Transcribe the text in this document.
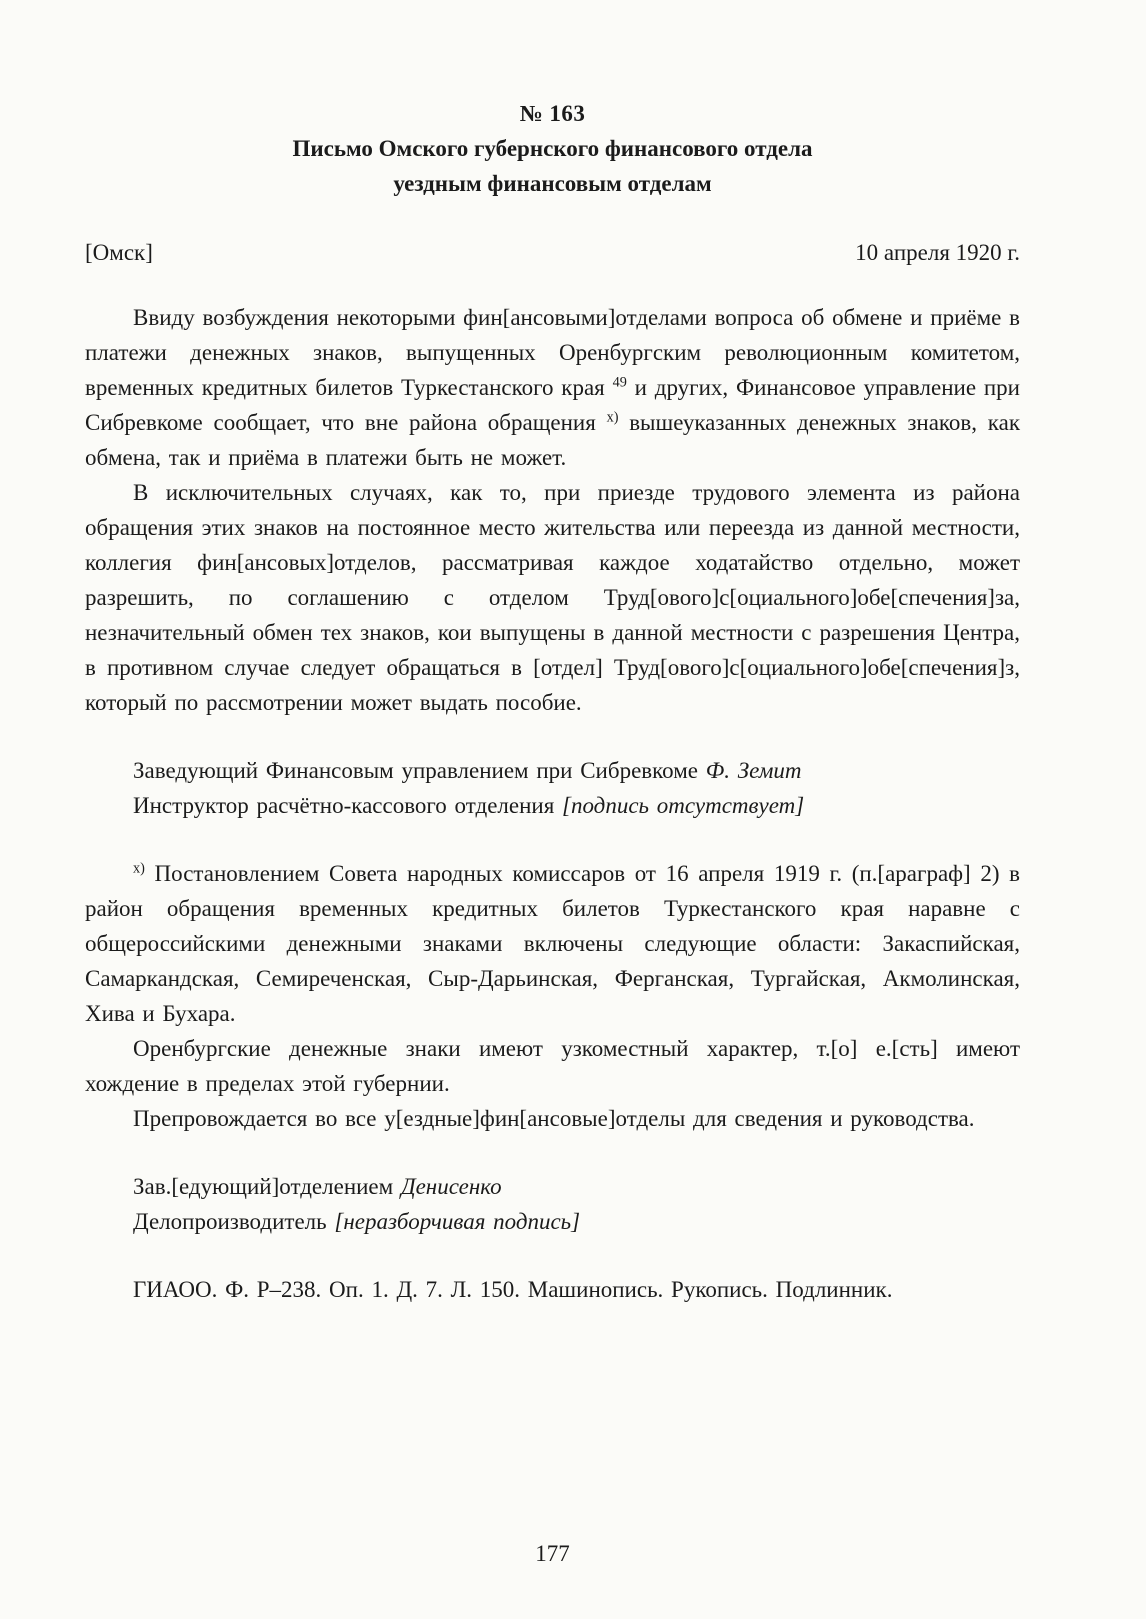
№ 163
Письмо Омского губернского финансового отдела
уездным финансовым отделам
[Омск]	10 апреля 1920 г.

Ввиду возбуждения некоторыми фин[ансовыми]отделами вопроса об обмене и приёме в платежи денежных знаков, выпущенных Оренбургским революционным комитетом, временных кредитных билетов Туркестанского края $^{49}$ и других, Финансовое управление при Сибревкоме сообщает, что вне района обращения $^{х)}$ вышеуказанных денежных знаков, как обмена, так и приёма в платежи быть не может.

В исключительных случаях, как то, при приезде трудового элемента из района обращения этих знаков на постоянное место жительства или переезда из данной местности, коллегия фин[ансовых]отделов, рассматривая каждое ходатайство отдельно, может разрешить, по соглашению с отделом Труд[ового]с[оциального]обе[спечения]за, незначительный обмен тех знаков, кои выпущены в данной местности с разрешения Центра, в противном случае следует обращаться в [отдел] Труд[ового]с[оциального]обе[спечения]з, который по рассмотрении может выдать пособие.

Заведующий Финансовым управлением при Сибревкоме Ф. Земит

Инструктор расчётно-кассового отделения [подпись отсутствует]

$^{х)}$ Постановлением Совета народных комиссаров от 16 апреля 1919 г. (п.[араграф] 2) в район обращения временных кредитных билетов Туркестанского края наравне с общероссийскими денежными знаками включены следующие области: Закаспийская, Самаркандская, Семиреченская, Сыр-Дарьинская, Ферганская, Тургайская, Акмолинская, Хива и Бухара.

Оренбургские денежные знаки имеют узкоместный характер, т.[о] е.[сть] имеют хождение в пределах этой губернии.

Препровождается во все у[ездные]фин[ансовые]отделы для сведения и руководства.

Зав.[едующий]отделением Денисенко

Делопроизводитель [неразборчивая подпись]

ГИАОО. Ф. Р–238. Оп. 1. Д. 7. Л. 150. Машинопись. Рукопись. Подлинник.

177
